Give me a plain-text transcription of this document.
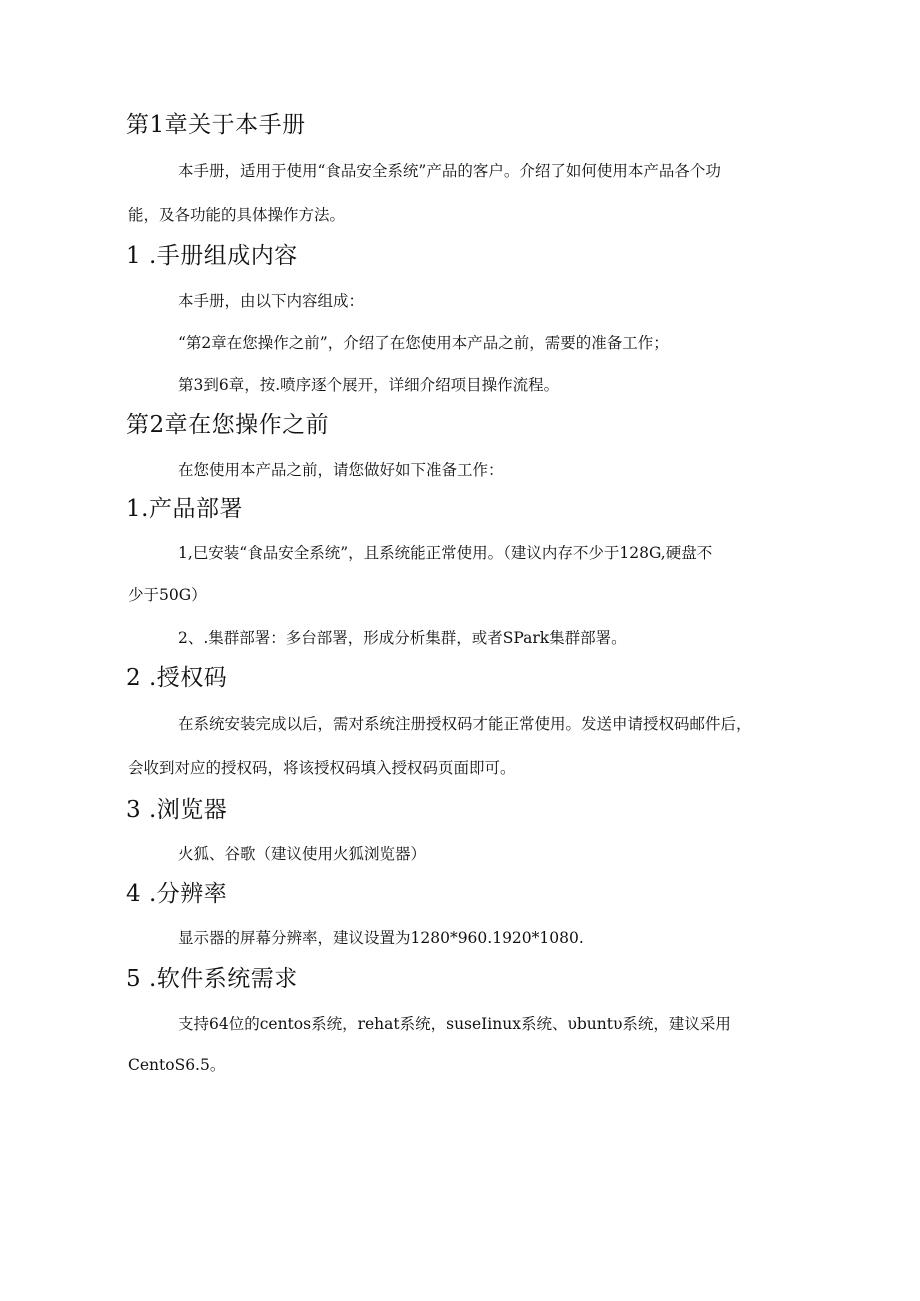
第1章关于本手册
本手册，适用于使用“食品安全系统”产品的客户。介绍了如何使用本产品各个功
能，及各功能的具体操作方法。
1 .手册组成内容
本手册，由以下内容组成：
“第2章在您操作之前”，介绍了在您使用本产品之前，需要的准备工作；
第3到6章，按.喷序逐个展开，详细介绍项目操作流程。
第2章在您操作之前
在您使用本产品之前，请您做好如下准备工作：
1.产品部署
1,巳安装“食品安全系统”，且系统能正常使用。（建议内存不少于128G,硬盘不
少于50G）
2、.集群部署：多台部署，形成分析集群，或者SPark集群部署。
2 .授权码
在系统安装完成以后，需对系统注册授权码才能正常使用。发送申请授权码邮件后，
会收到对应的授权码，将该授权码填入授权码页面即可。
3 .浏览器
火狐、谷歌（建议使用火狐浏览器）
4 .分辨率
显示器的屏幕分辨率，建议设置为1280*960.1920*1080.
5 .软件系统需求
支持64位的centos系统，rehat系统，suseIinux系统、υbuntυ系统，建议采用
CentoS6.5。
